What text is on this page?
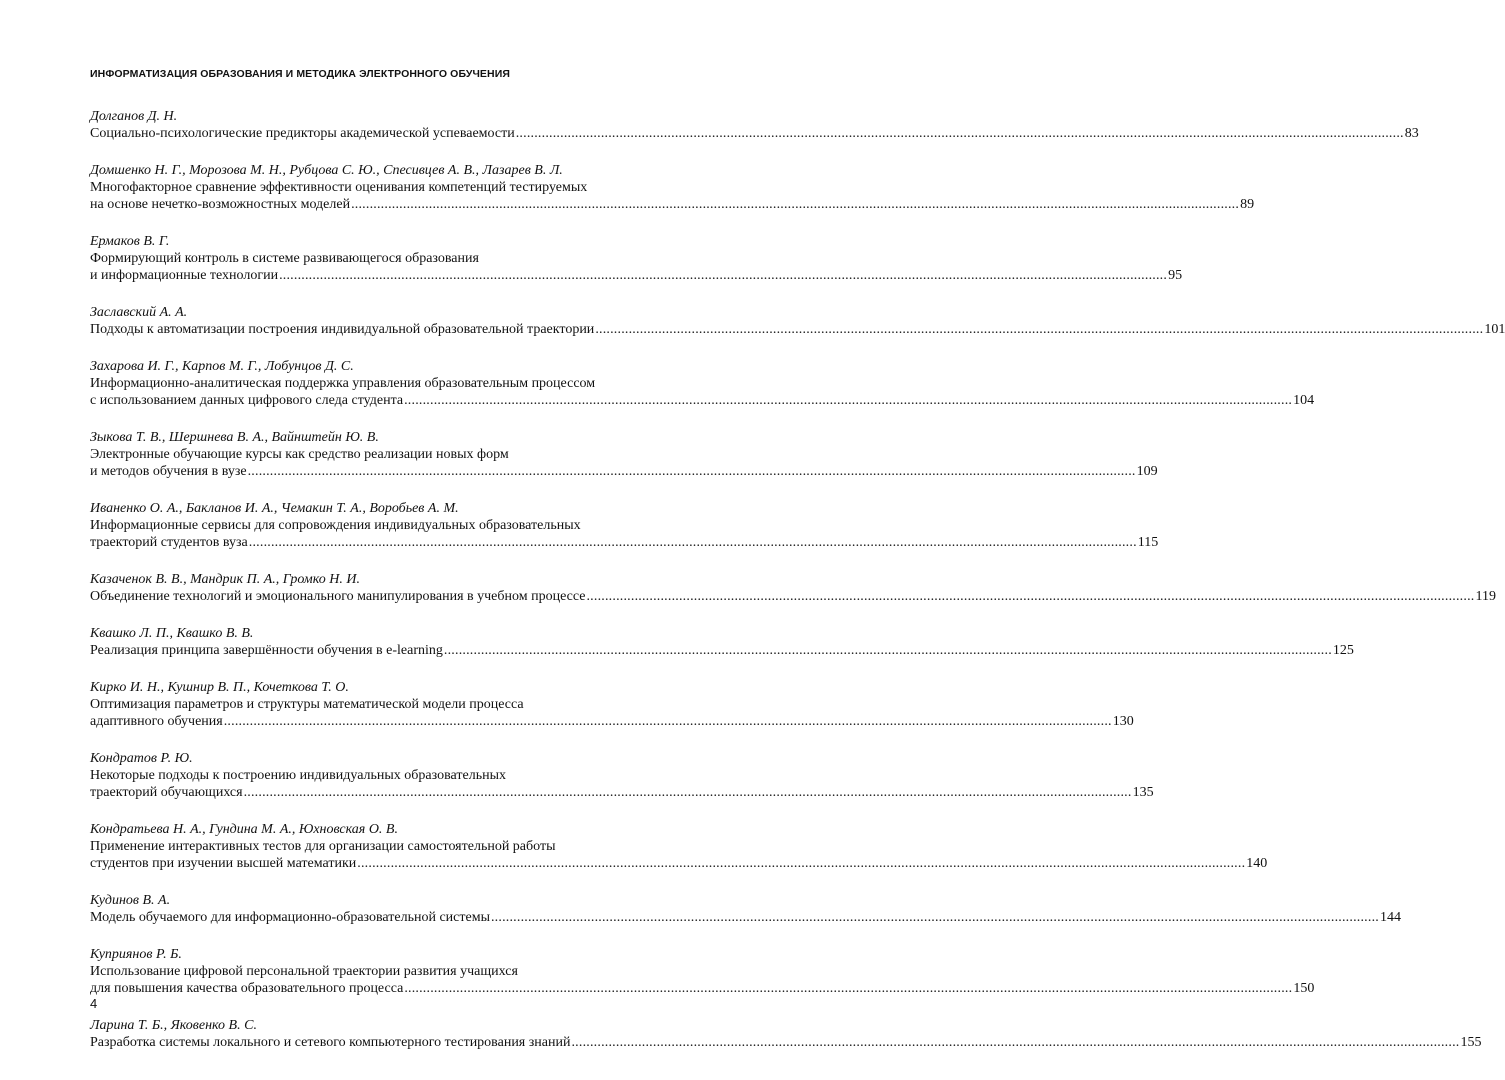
ИНФОРМАТИЗАЦИЯ ОБРАЗОВАНИЯ И МЕТОДИКА ЭЛЕКТРОННОГО ОБУЧЕНИЯ
Долганов Д. Н.
Социально-психологические предикторы академической успеваемости .....	83
Домшенко Н. Г., Морозова М. Н., Рубцова С. Ю., Спесивцев А. В., Лазарев В. Л.
Многофакторное сравнение эффективности оценивания компетенций тестируемых
на основе нечетко-возможностных моделей .....	89
Ермаков В. Г.
Формирующий контроль в системе развивающегося образования
и информационные технологии .....	95
Заславский А. А.
Подходы к автоматизации построения индивидуальной образовательной траектории .....	101
Захарова И. Г., Карпов М. Г., Лобунцов Д. С.
Информационно-аналитическая поддержка управления образовательным процессом
с использованием данных цифрового следа студента .....	104
Зыкова Т. В., Шершнева В. А., Вайнштейн Ю. В.
Электронные обучающие курсы как средство реализации новых форм
и методов обучения в вузе .....	109
Иваненко О. А., Бакланов И. А., Чемакин Т. А., Воробьев А. М.
Информационные сервисы для сопровождения индивидуальных образовательных
траекторий студентов вуза .....	115
Казаченок В. В., Мандрик П. А., Громко Н. И.
Объединение технологий и эмоционального манипулирования в учебном процессе .....	119
Квашко Л. П., Квашко В. В.
Реализация принципа завершённости обучения в e-learning .....	125
Кирко И. Н., Кушнир В. П., Кочеткова Т. О.
Оптимизация параметров и структуры математической модели процесса
адаптивного обучения .....	130
Кондратов Р. Ю.
Некоторые подходы к построению индивидуальных образовательных
траекторий обучающихся .....	135
Кондратьева Н. А., Гундина М. А., Юхновская О. В.
Применение интерактивных тестов для организации самостоятельной работы
студентов при изучении высшей математики .....	140
Кудинов В. А.
Модель обучаемого для информационно-образовательной системы .....	144
Куприянов Р. Б.
Использование цифровой персональной траектории развития учащихся
для повышения качества образовательного процесса .....	150
Ларина Т. Б., Яковенко В. С.
Разработка системы локального и сетевого компьютерного тестирования знаний .....	155
4
